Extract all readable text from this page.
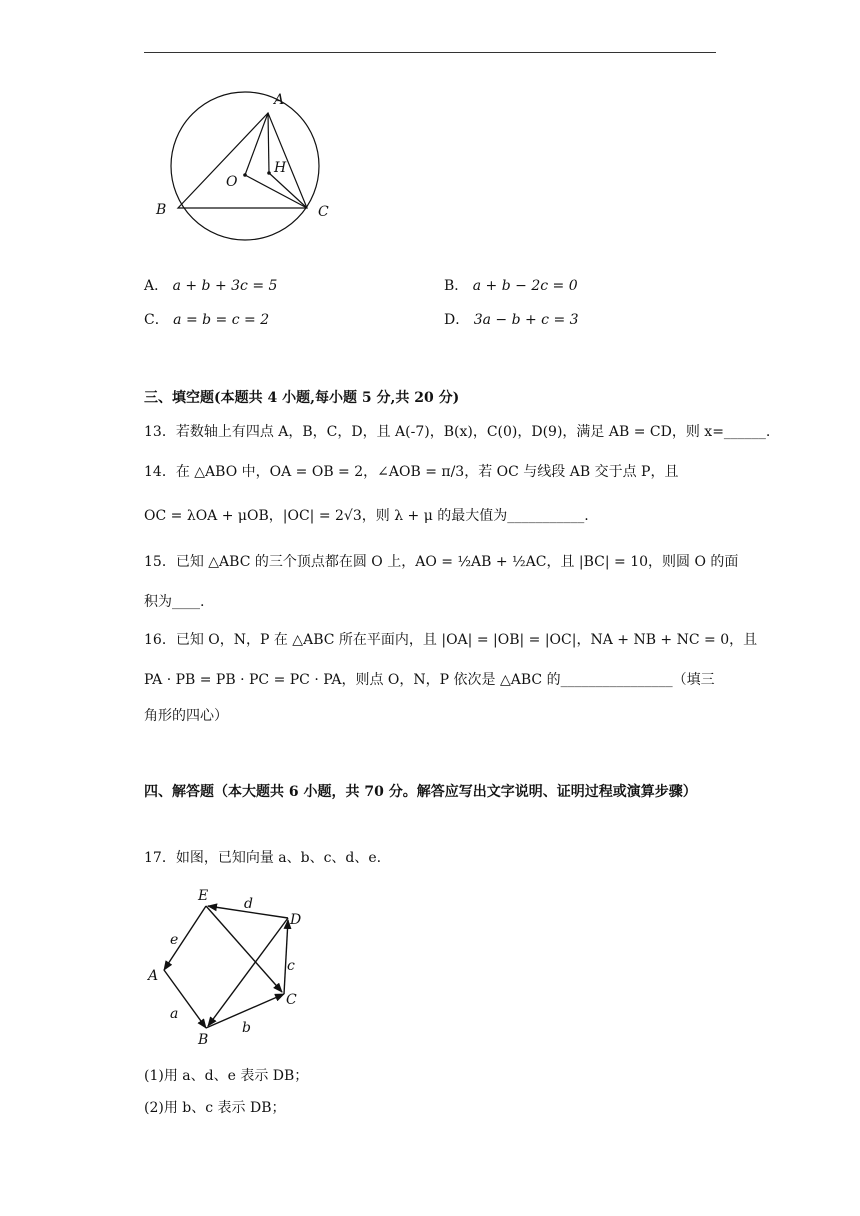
A
B	C
O
H
A． a + b + 3c = 5	B． a + b − 2c = 0
C． a = b = c = 2	D． 3a − b + c = 3
三、填空题(本题共 4 小题,每小题 5 分,共 20 分)
13．若数轴上有四点 A，B，C，D，且 A(-7)，B(x)，C(0)，D(9)，满足 AB = CD，则 x=______.
14．在 △ABO 中，OA = OB = 2，∠AOB = π/3，若 OC 与线段 AB 交于点 P，且
OC = λOA + μOB，|OC| = 2√3，则 λ + μ 的最大值为___________.
15．已知 △ABC 的三个顶点都在圆 O 上，AO = ½AB + ½AC，且 |BC| = 10，则圆 O 的面
积为____.
16．已知 O，N，P 在 △ABC 所在平面内，且 |OA| = |OB| = |OC|，NA + NB + NC = 0，且
PA · PB = PB · PC = PC · PA，则点 O，N，P 依次是 △ABC 的________________（填三
角形的四心）
四、解答题（本大题共 6 小题，共 70 分。解答应写出文字说明、证明过程或演算步骤）
17．如图，已知向量 a、b、c、d、e.
E
D
A
B
C
d
e
c
a
b
(1)用 a、d、e 表示 DB；
(2)用 b、c 表示 DB；
